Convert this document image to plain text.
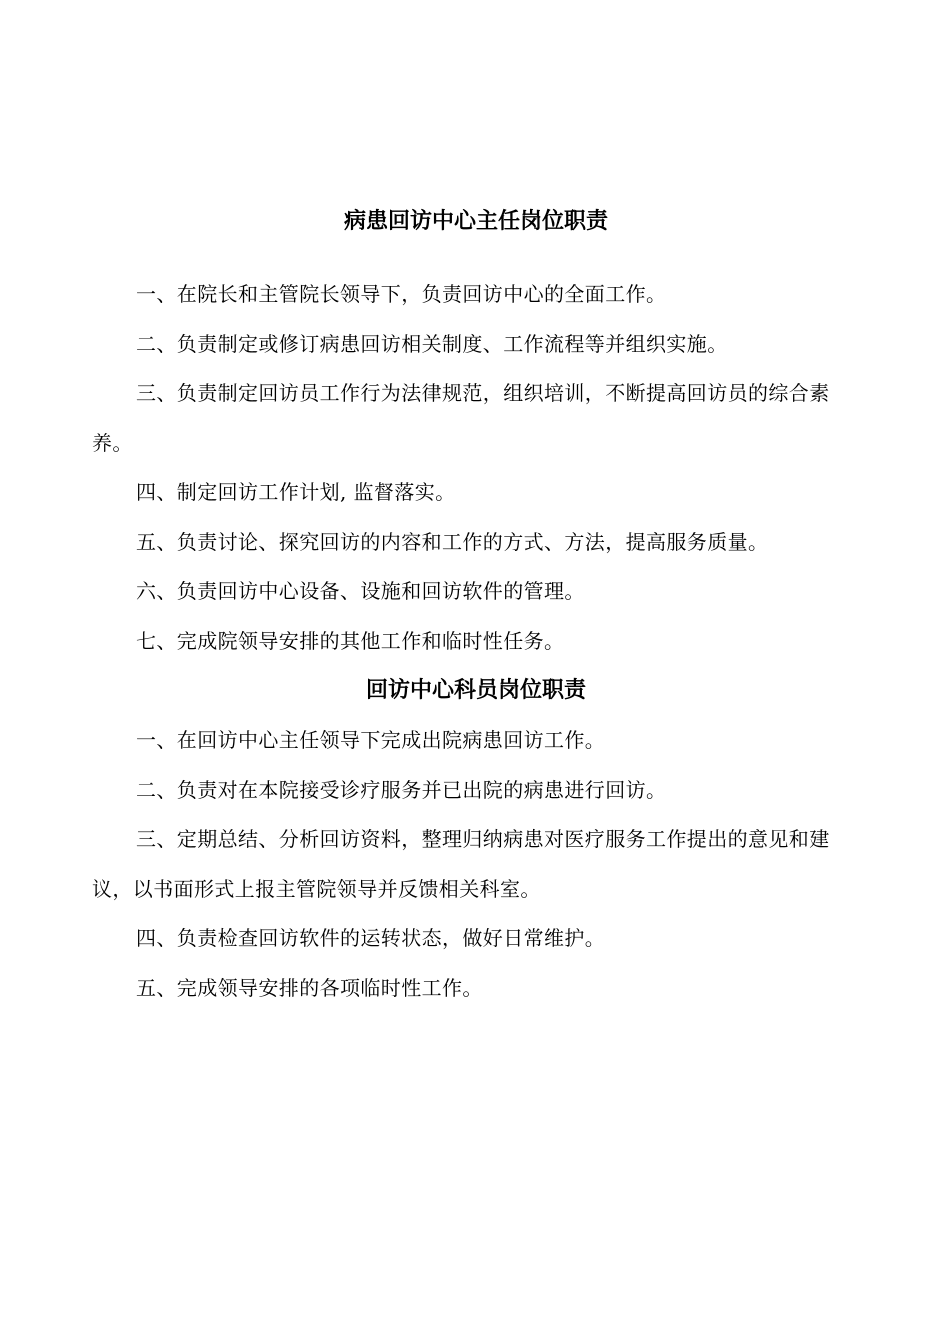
病患回访中心主任岗位职责

一、在院长和主管院长领导下，负责回访中心的全面工作。

二、负责制定或修订病患回访相关制度、工作流程等并组织实施。

三、负责制定回访员工作行为法律规范，组织培训，不断提高回访员的综合素养。

四、制定回访工作计划, 监督落实。

五、负责讨论、探究回访的内容和工作的方式、方法，提高服务质量。

六、负责回访中心设备、设施和回访软件的管理。

七、完成院领导安排的其他工作和临时性任务。

回访中心科员岗位职责

一、在回访中心主任领导下完成出院病患回访工作。

二、负责对在本院接受诊疗服务并已出院的病患进行回访。

三、定期总结、分析回访资料，整理归纳病患对医疗服务工作提出的意见和建议，以书面形式上报主管院领导并反馈相关科室。

四、负责检查回访软件的运转状态，做好日常维护。

五、完成领导安排的各项临时性工作。
